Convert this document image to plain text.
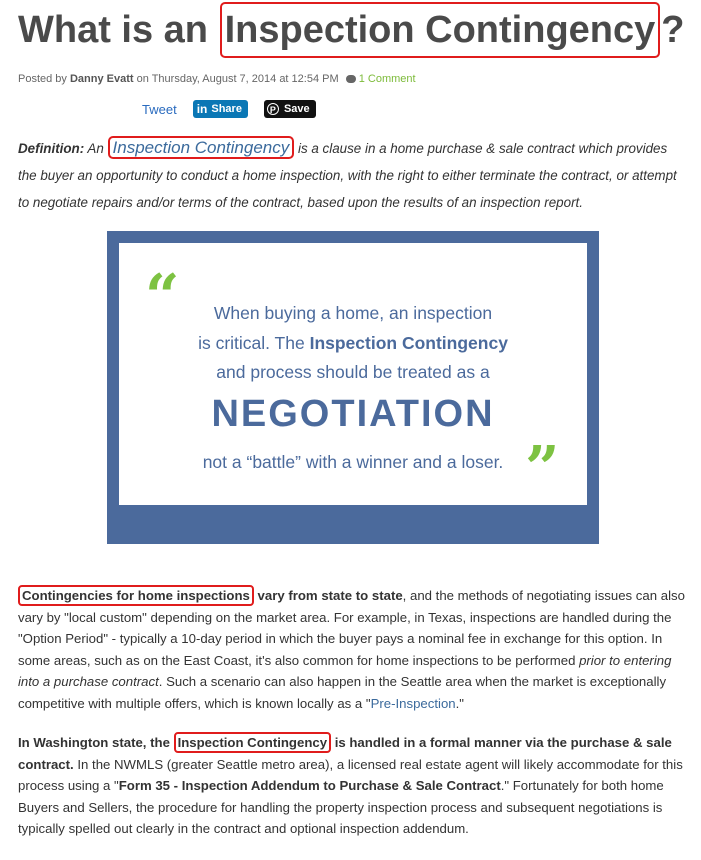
What is an Inspection Contingency ?
Posted by Danny Evatt on Thursday, August 7, 2014 at 12:54 PM 1 Comment
Tweet in Share	P Save

Definition: An Inspection Contingency is a clause in a home purchase & sale contract which provides the buyer an opportunity to conduct a home inspection, with the right to either terminate the contract, or attempt to negotiate repairs and/or terms of the contract, based upon the results of an inspection report.

“	When buying a home, an inspection
is critical. The Inspection Contingency
and process should be treated as a
NEGOTIATION
not a “battle” with a winner and a loser. ”

Contingencies for home inspections vary from state to state, and the methods of negotiating issues can also vary by "local custom" depending on the market area. For example, in Texas, inspections are handled during the "Option Period" - typically a 10-day period in which the buyer pays a nominal fee in exchange for this option. In some areas, such as on the East Coast, it's also common for home inspections to be performed prior to entering into a purchase contract. Such a scenario can also happen in the Seattle area when the market is exceptionally competitive with multiple offers, which is known locally as a "Pre-Inspection."

In Washington state, the Inspection Contingency is handled in a formal manner via the purchase & sale contract. In the NWMLS (greater Seattle metro area), a licensed real estate agent will likely accommodate for this process using a "Form 35 - Inspection Addendum to Purchase & Sale Contract." Fortunately for both home Buyers and Sellers, the procedure for handling the property inspection process and subsequent negotiations is typically spelled out clearly in the contract and optional inspection addendum.
